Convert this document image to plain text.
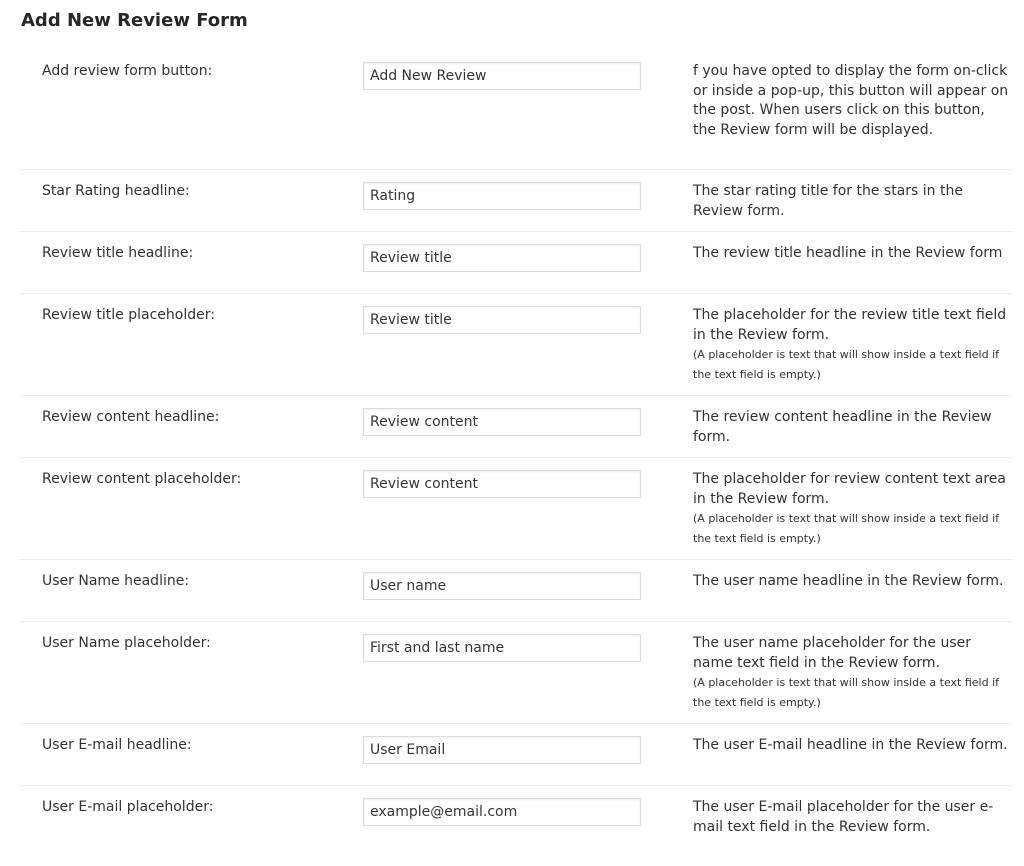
Add New Review Form
Add review form button:
Add New Review	f you have opted to display the form on-click or inside a pop-up, this button will appear on the post. When users click on this button, the Review form will be displayed.
Star Rating headline:
Rating	The star rating title for the stars in the Review form.
Review title headline:
Review title	The review title headline in the Review form
Review title placeholder:
Review title	The placeholder for the review title text field in the Review form.
(A placeholder is text that will show inside a text field if the text field is empty.)
Review content headline:
Review content	The review content headline in the Review form.
Review content placeholder:
Review content	The placeholder for review content text area in the Review form.
(A placeholder is text that will show inside a text field if the text field is empty.)
User Name headline:
User name	The user name headline in the Review form.
User Name placeholder:
First and last name	The user name placeholder for the user name text field in the Review form.
(A placeholder is text that will show inside a text field if the text field is empty.)
User E-mail headline:
User Email	The user E-mail headline in the Review form.
User E-mail placeholder:
example@email.com	The user E-mail placeholder for the user e-mail text field in the Review form.
